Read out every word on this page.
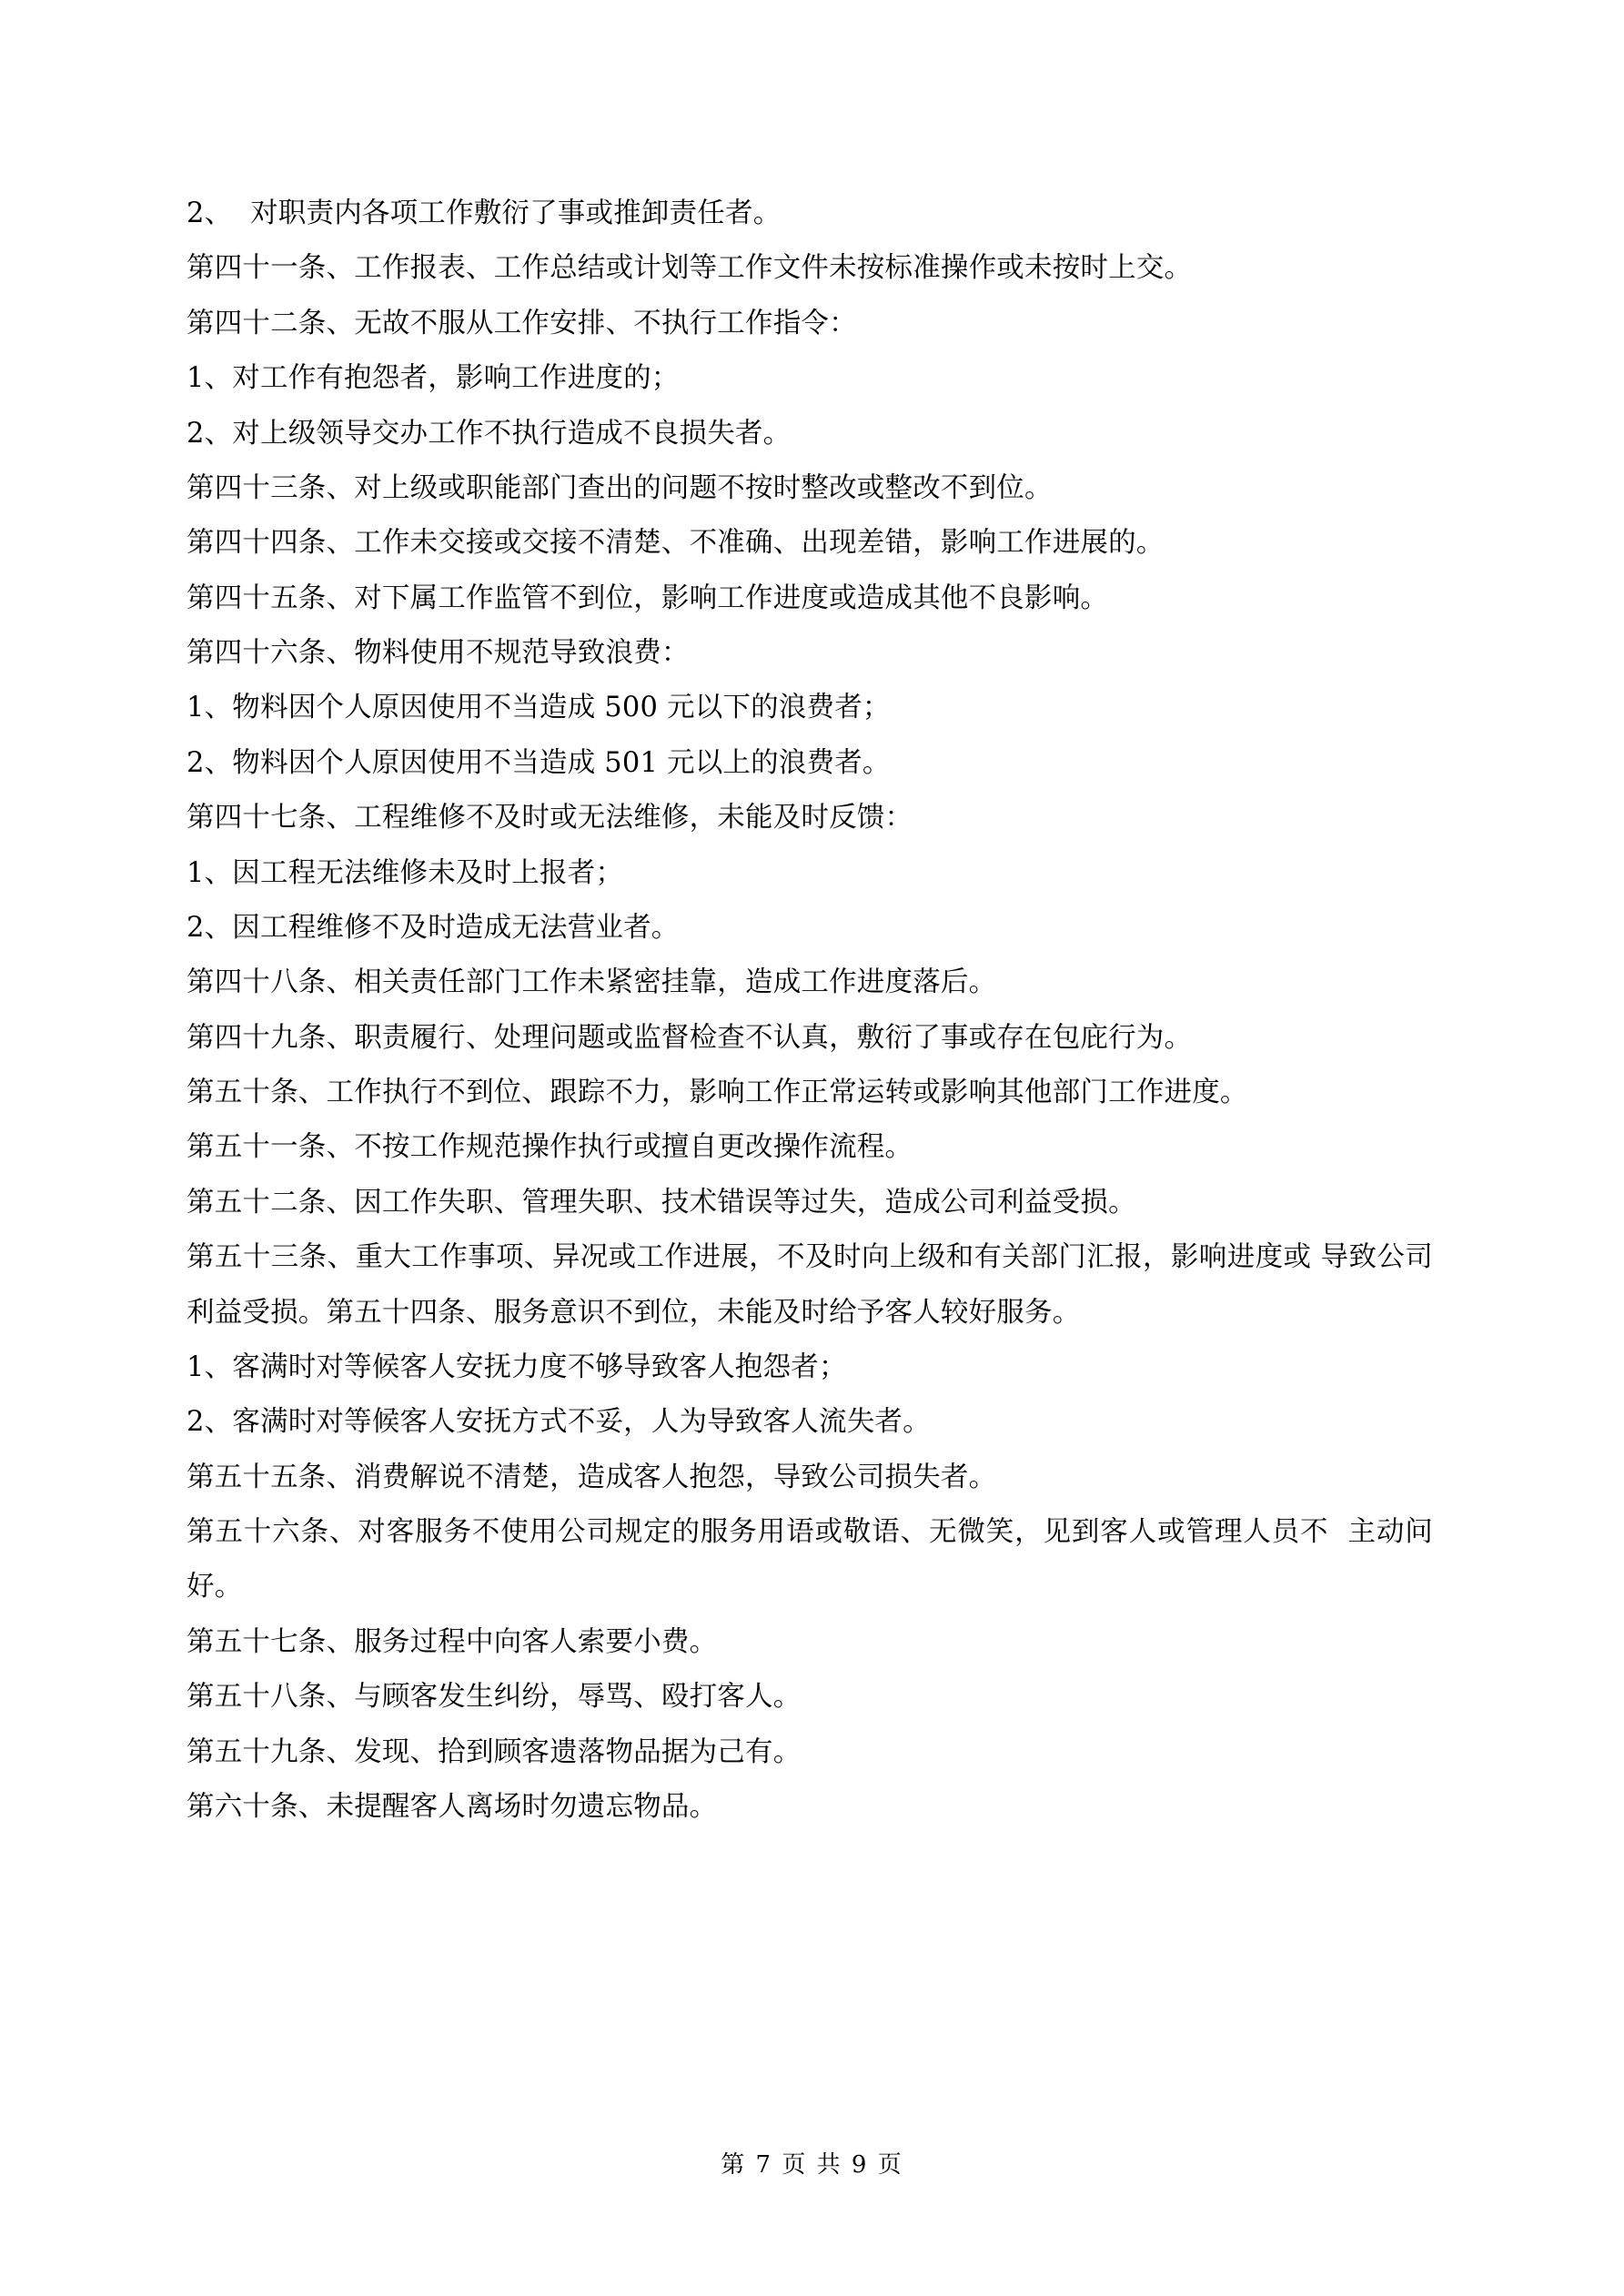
2、  对职责内各项工作敷衍了事或推卸责任者。

第四十一条、工作报表、工作总结或计划等工作文件未按标准操作或未按时上交。

第四十二条、无故不服从工作安排、不执行工作指令：

1、对工作有抱怨者，影响工作进度的；

2、对上级领导交办工作不执行造成不良损失者。

第四十三条、对上级或职能部门查出的问题不按时整改或整改不到位。

第四十四条、工作未交接或交接不清楚、不准确、出现差错，影响工作进展的。

第四十五条、对下属工作监管不到位，影响工作进度或造成其他不良影响。

第四十六条、物料使用不规范导致浪费：

1、物料因个人原因使用不当造成 500 元以下的浪费者；

2、物料因个人原因使用不当造成 501 元以上的浪费者。

第四十七条、工程维修不及时或无法维修，未能及时反馈：

1、因工程无法维修未及时上报者；

2、因工程维修不及时造成无法营业者。

第四十八条、相关责任部门工作未紧密挂靠，造成工作进度落后。

第四十九条、职责履行、处理问题或监督检查不认真，敷衍了事或存在包庇行为。

第五十条、工作执行不到位、跟踪不力，影响工作正常运转或影响其他部门工作进度。

第五十一条、不按工作规范操作执行或擅自更改操作流程。

第五十二条、因工作失职、管理失职、技术错误等过失，造成公司利益受损。

第五十三条、重大工作事项、异况或工作进展，不及时向上级和有关部门汇报，影响进度或 导致公司利益受损。第五十四条、服务意识不到位，未能及时给予客人较好服务。

1、客满时对等候客人安抚力度不够导致客人抱怨者；

2、客满时对等候客人安抚方式不妥，人为导致客人流失者。

第五十五条、消费解说不清楚，造成客人抱怨，导致公司损失者。

第五十六条、对客服务不使用公司规定的服务用语或敬语、无微笑，见到客人或管理人员不  主动问好。

第五十七条、服务过程中向客人索要小费。

第五十八条、与顾客发生纠纷，辱骂、殴打客人。

第五十九条、发现、拾到顾客遗落物品据为己有。

第六十条、未提醒客人离场时勿遗忘物品。

第 7 页 共 9 页
